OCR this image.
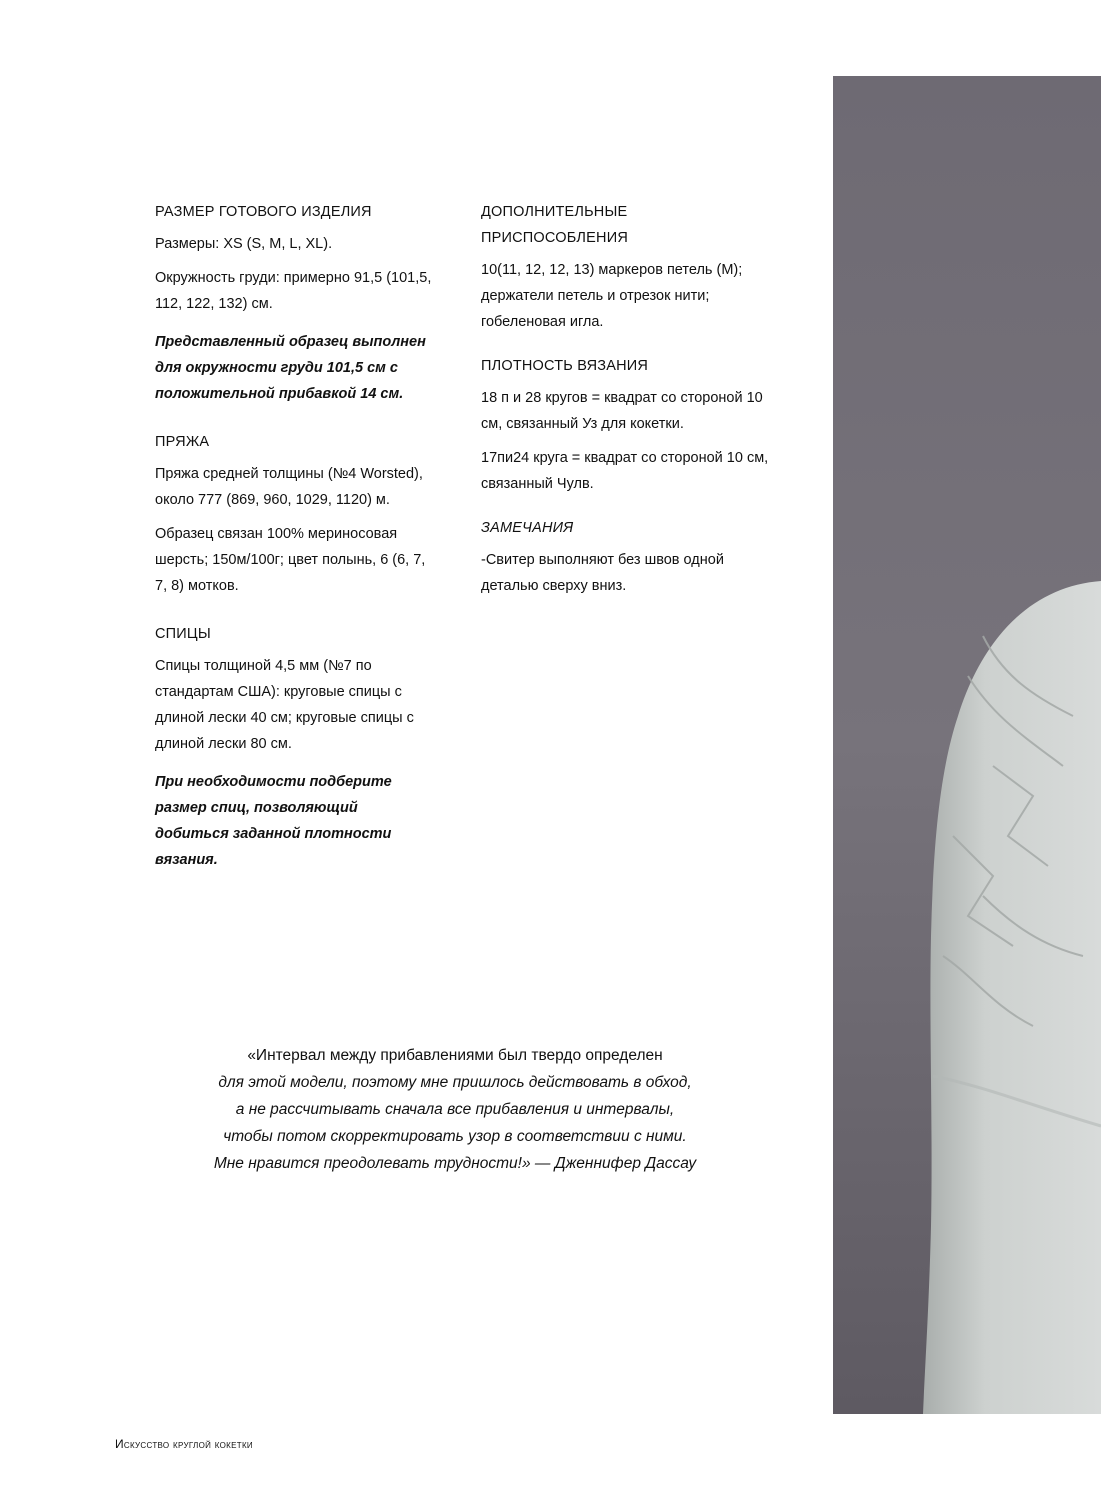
РАЗМЕР ГОТОВОГО ИЗДЕЛИЯ
Размеры: XS (S, M, L, XL).
Окружность груди: примерно 91,5 (101,5, 112, 122, 132) см.
Представленный образец выполнен для окружности груди 101,5 см с положительной прибавкой 14 см.
ПРЯЖА
Пряжа средней толщины (№4 Worsted), около 777 (869, 960, 1029, 1120) м.
Образец связан 100% мериносовая шерсть; 150м/100г; цвет полынь, 6 (6, 7, 7, 8) мотков.
СПИЦЫ
Спицы толщиной 4,5 мм (№7 по стандартам США): круговые спицы с длиной лески 40 см; круговые спицы с длиной лески 80 см.
При необходимости подберите размер спиц, позволяющий добиться заданной плотности вязания.
ДОПОЛНИТЕЛЬНЫЕ ПРИСПОСОБЛЕНИЯ
10(11, 12, 12, 13) маркеров петель (М); держатели петель и отрезок нити; гобеленовая игла.
ПЛОТНОСТЬ ВЯЗАНИЯ
18 п и 28 кругов = квадрат со стороной 10 см, связанный Уз для кокетки.
17пи24 круга = квадрат со стороной 10 см, связанный Чулв.
ЗАМЕЧАНИЯ
-Свитер выполняют без швов одной деталью сверху вниз.
«Интервал между прибавлениями был твердо определен
для этой модели, поэтому мне пришлось действовать в обход,
а не рассчитывать сначала все прибавления и интервалы,
чтобы потом скорректировать узор в соответствии с ними.
Мне нравится преодолевать трудности!» — Дженнифер Дассау
Искусство круглой кокетки
